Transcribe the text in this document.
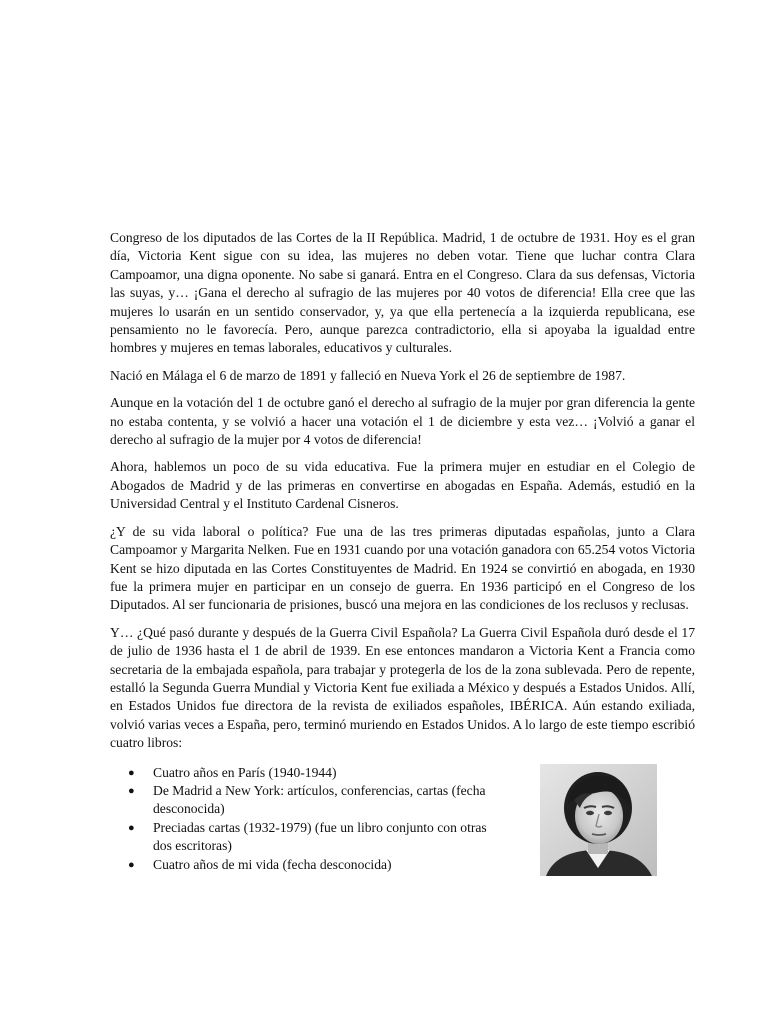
Congreso de los diputados de las Cortes de la II República. Madrid, 1 de octubre de 1931. Hoy es el gran día, Victoria Kent sigue con su idea, las mujeres no deben votar. Tiene que luchar contra Clara Campoamor, una digna oponente. No sabe si ganará. Entra en el Congreso. Clara da sus defensas, Victoria las suyas, y… ¡Gana el derecho al sufragio de las mujeres por 40 votos de diferencia! Ella cree que las mujeres lo usarán en un sentido conservador, y, ya que ella pertenecía a la izquierda republicana, ese pensamiento no le favorecía. Pero, aunque parezca contradictorio, ella si apoyaba la igualdad entre hombres y mujeres en temas laborales, educativos y culturales.

Nació en Málaga el 6 de marzo de 1891 y falleció en Nueva York el 26 de septiembre de 1987.

Aunque en la votación del 1 de octubre ganó el derecho al sufragio de la mujer por gran diferencia la gente no estaba contenta, y se volvió a hacer una votación el 1 de diciembre y esta vez… ¡Volvió a ganar el derecho al sufragio de la mujer por 4 votos de diferencia!

Ahora, hablemos un poco de su vida educativa. Fue la primera mujer en estudiar en el Colegio de Abogados de Madrid y de las primeras en convertirse en abogadas en España. Además, estudió en la Universidad Central y el Instituto Cardenal Cisneros.

¿Y de su vida laboral o política? Fue una de las tres primeras diputadas españolas, junto a Clara Campoamor y Margarita Nelken. Fue en 1931 cuando por una votación ganadora con 65.254 votos Victoria Kent se hizo diputada en las Cortes Constituyentes de Madrid. En 1924 se convirtió en abogada, en 1930 fue la primera mujer en participar en un consejo de guerra. En 1936 participó en el Congreso de los Diputados. Al ser funcionaria de prisiones, buscó una mejora en las condiciones de los reclusos y reclusas.

Y… ¿Qué pasó durante y después de la Guerra Civil Española? La Guerra Civil Española duró desde el 17 de julio de 1936 hasta el 1 de abril de 1939. En ese entonces mandaron a Victoria Kent a Francia como secretaria de la embajada española, para trabajar y protegerla de los de la zona sublevada. Pero de repente, estalló la Segunda Guerra Mundial y Victoria Kent fue exiliada a México y después a Estados Unidos. Allí, en Estados Unidos fue directora de la revista de exiliados españoles, IBÉRICA. Aún estando exiliada, volvió varias veces a España, pero, terminó muriendo en Estados Unidos. A lo largo de este tiempo escribió cuatro libros:

● Cuatro años en París (1940-1944)
● De Madrid a New York: artículos, conferencias, cartas (fecha desconocida)
● Preciadas cartas (1932-1979) (fue un libro conjunto con otras dos escritoras)
● Cuatro años de mi vida (fecha desconocida)
